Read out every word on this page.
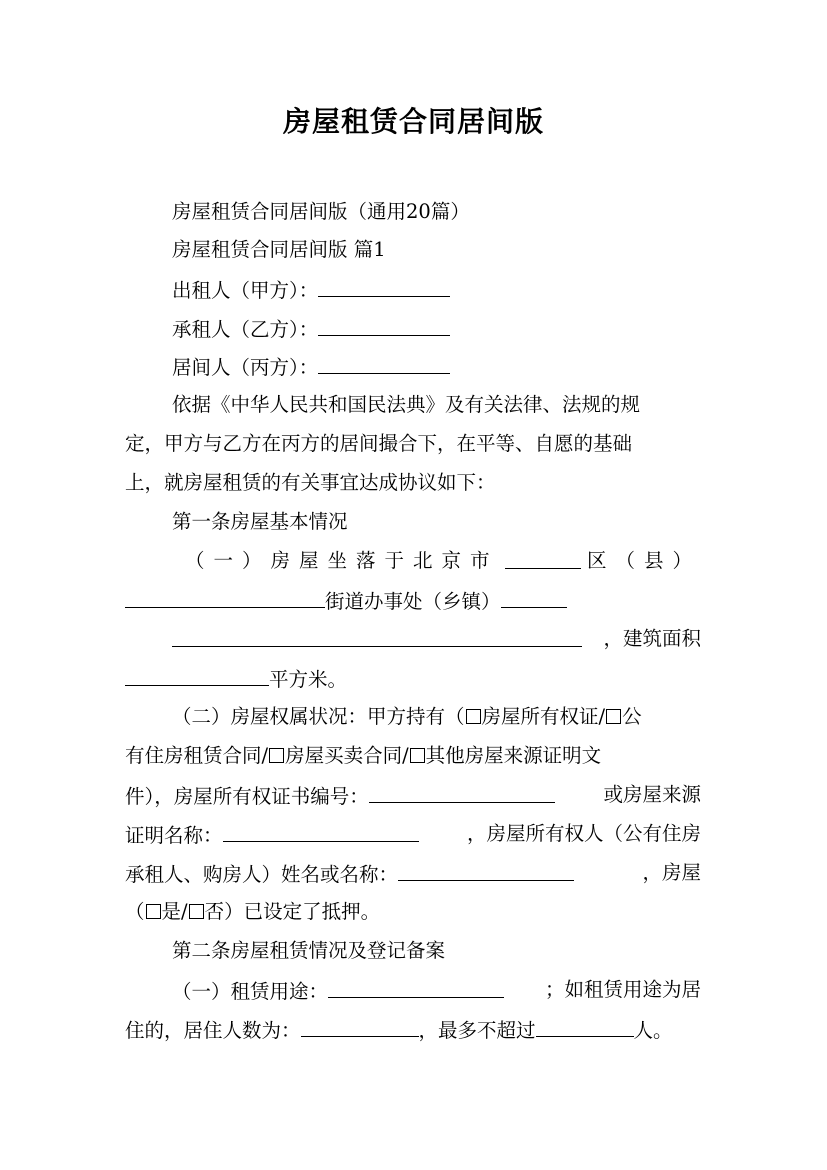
房屋租赁合同居间版
房屋租赁合同居间版（通用20篇）
房屋租赁合同居间版 篇1
出租人（甲方）：
承租人（乙方）：
居间人（丙方）：
依据《中华人民共和国民法典》及有关法律、法规的规
定，甲方与乙方在丙方的居间撮合下，在平等、自愿的基础
上，就房屋租赁的有关事宜达成协议如下：
第一条房屋基本情况
（一）房屋坐落于北京市	区（县）
街道办事处（乡镇）
，建筑面积
平方米。
（二）房屋权属状况：甲方持有（ 房屋所有权证/ 公
有住房租赁合同/ 房屋买卖合同/ 其他房屋来源证明文
件），房屋所有权证书编号：	或房屋来源
证明名称：	，房屋所有权人（公有住房
承租人、购房人）姓名或名称：	，房屋
（ 是/ 否）已设定了抵押。
第二条房屋租赁情况及登记备案
（一）租赁用途：	；如租赁用途为居
住的，居住人数为：	，最多不超过	人。
